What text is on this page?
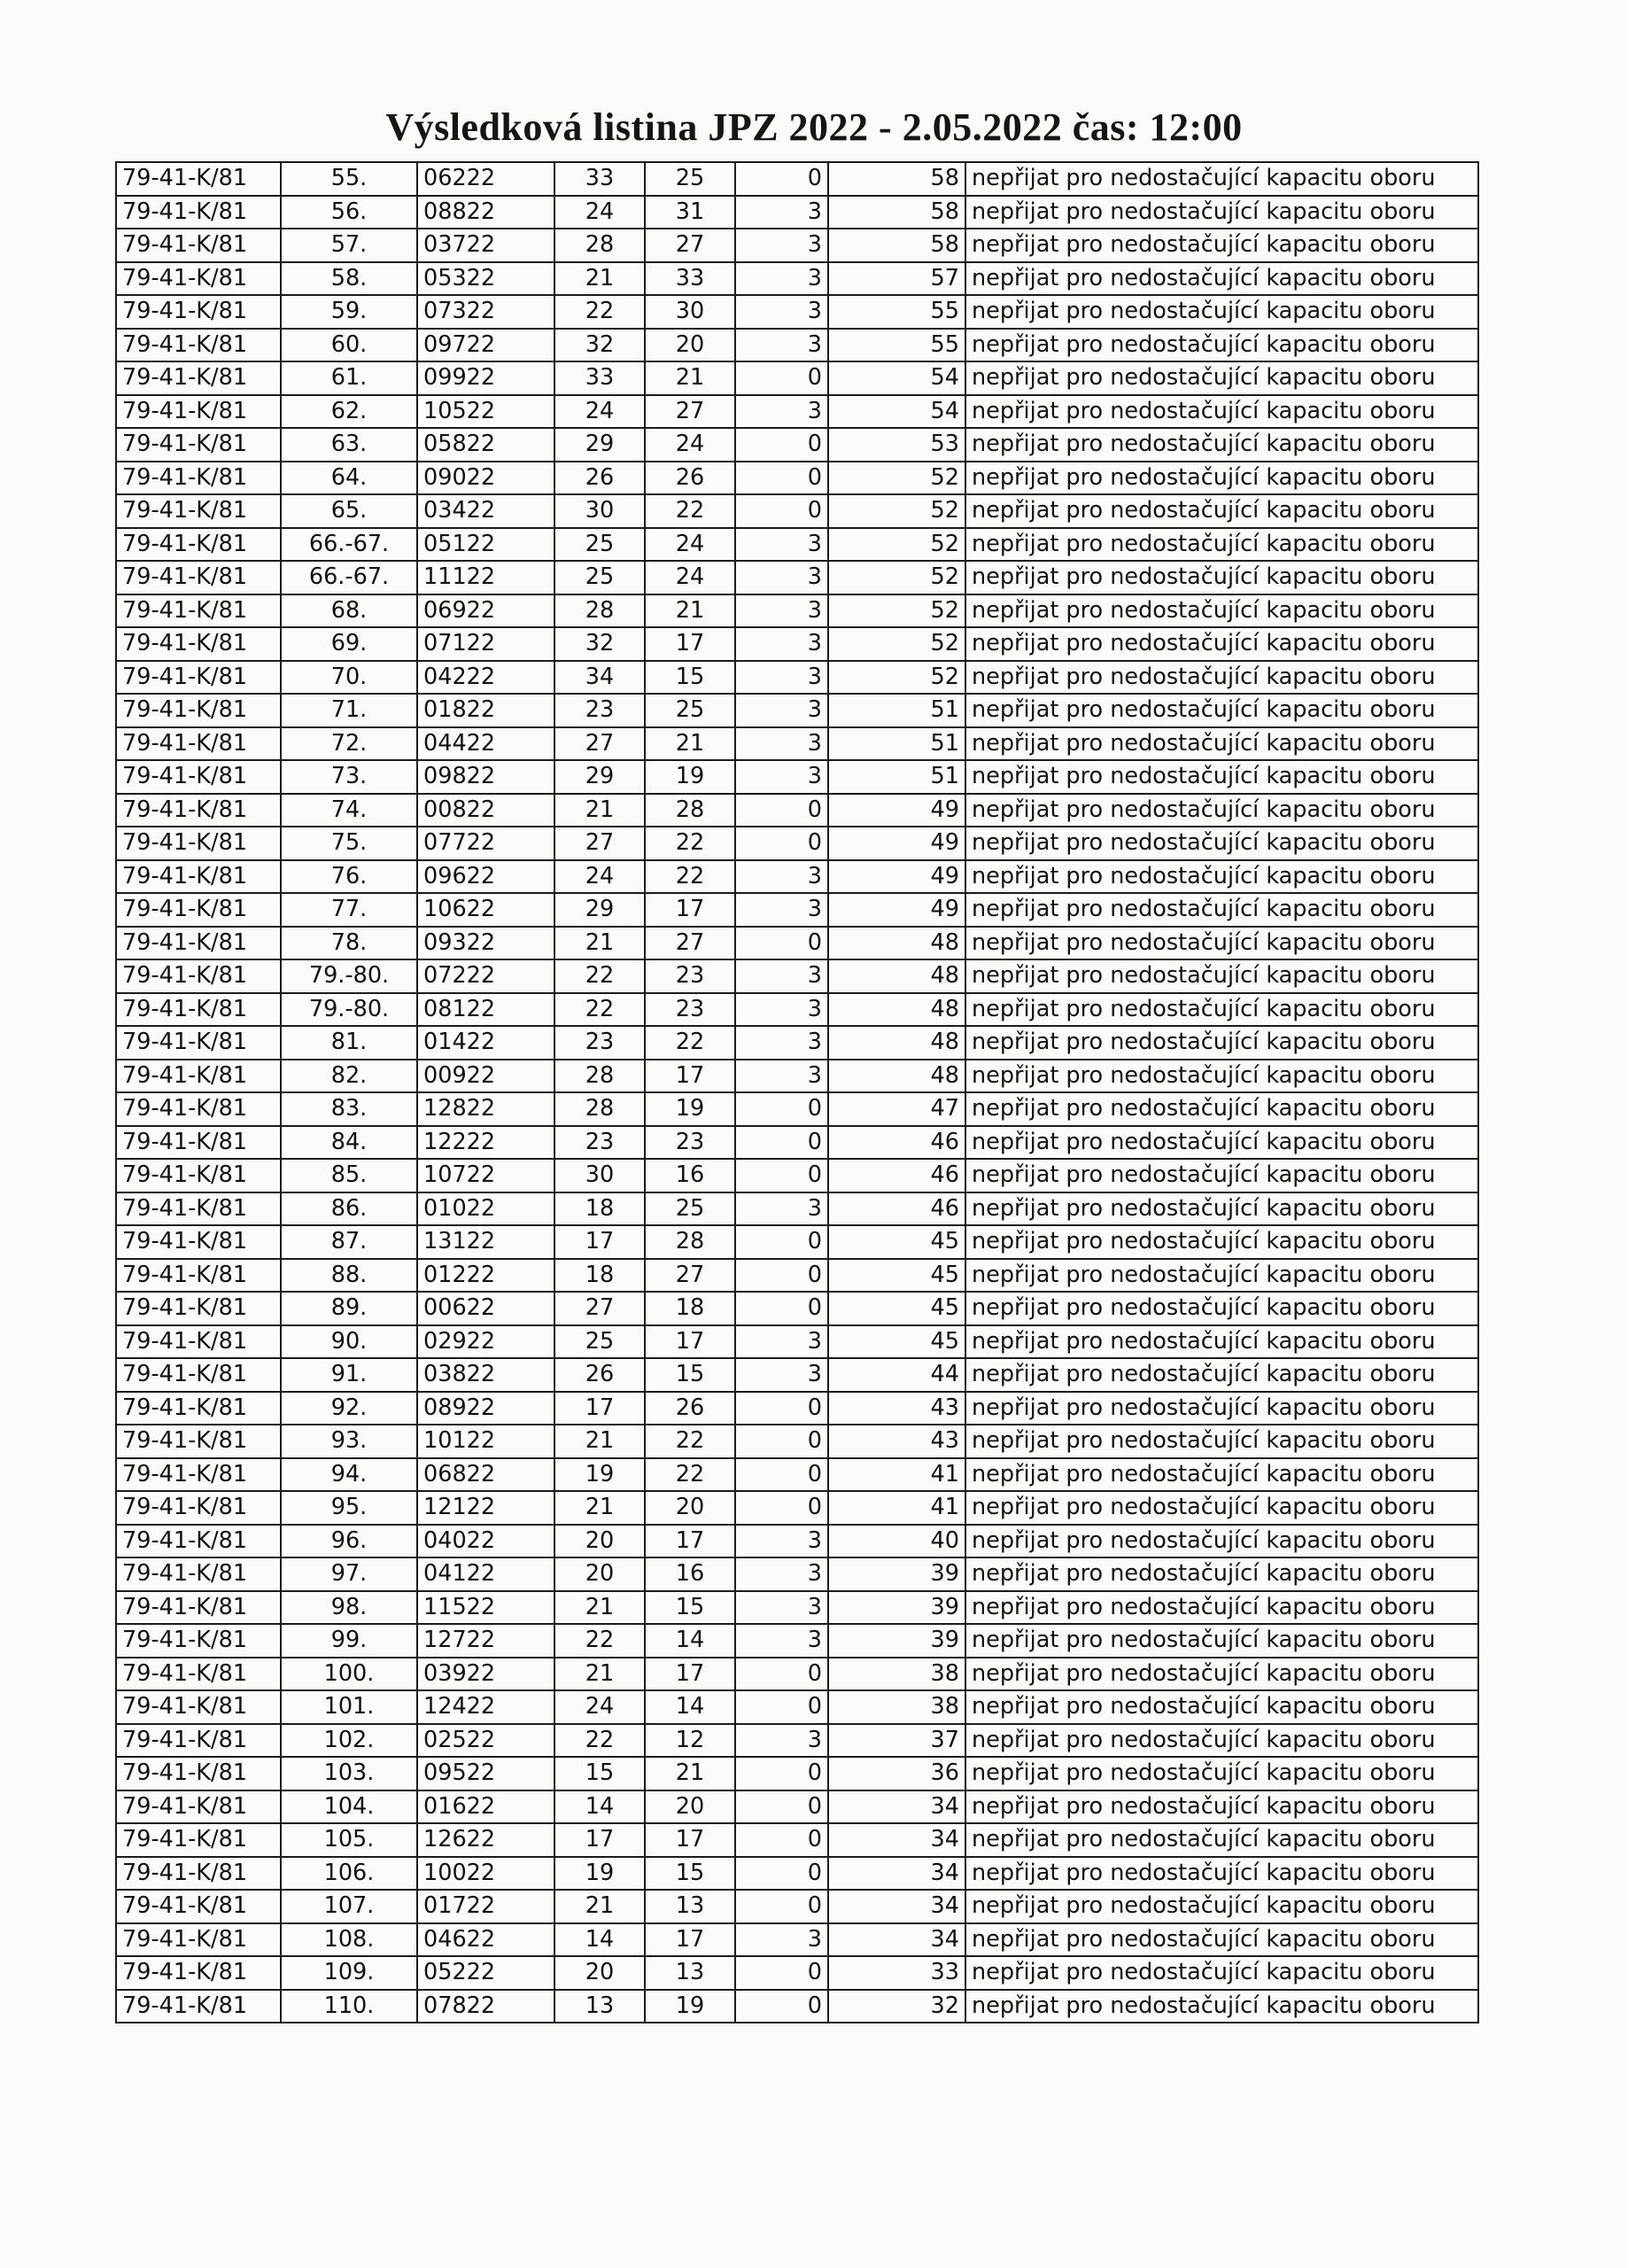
Výsledková listina JPZ 2022 - 2.05.2022 čas: 12:00
79-41-K/81	55.	06222	33	25	0	58	nepřijat pro nedostačující kapacitu oboru
79-41-K/81	56.	08822	24	31	3	58	nepřijat pro nedostačující kapacitu oboru
79-41-K/81	57.	03722	28	27	3	58	nepřijat pro nedostačující kapacitu oboru
79-41-K/81	58.	05322	21	33	3	57	nepřijat pro nedostačující kapacitu oboru
79-41-K/81	59.	07322	22	30	3	55	nepřijat pro nedostačující kapacitu oboru
79-41-K/81	60.	09722	32	20	3	55	nepřijat pro nedostačující kapacitu oboru
79-41-K/81	61.	09922	33	21	0	54	nepřijat pro nedostačující kapacitu oboru
79-41-K/81	62.	10522	24	27	3	54	nepřijat pro nedostačující kapacitu oboru
79-41-K/81	63.	05822	29	24	0	53	nepřijat pro nedostačující kapacitu oboru
79-41-K/81	64.	09022	26	26	0	52	nepřijat pro nedostačující kapacitu oboru
79-41-K/81	65.	03422	30	22	0	52	nepřijat pro nedostačující kapacitu oboru
79-41-K/81	66.-67.	05122	25	24	3	52	nepřijat pro nedostačující kapacitu oboru
79-41-K/81	66.-67.	11122	25	24	3	52	nepřijat pro nedostačující kapacitu oboru
79-41-K/81	68.	06922	28	21	3	52	nepřijat pro nedostačující kapacitu oboru
79-41-K/81	69.	07122	32	17	3	52	nepřijat pro nedostačující kapacitu oboru
79-41-K/81	70.	04222	34	15	3	52	nepřijat pro nedostačující kapacitu oboru
79-41-K/81	71.	01822	23	25	3	51	nepřijat pro nedostačující kapacitu oboru
79-41-K/81	72.	04422	27	21	3	51	nepřijat pro nedostačující kapacitu oboru
79-41-K/81	73.	09822	29	19	3	51	nepřijat pro nedostačující kapacitu oboru
79-41-K/81	74.	00822	21	28	0	49	nepřijat pro nedostačující kapacitu oboru
79-41-K/81	75.	07722	27	22	0	49	nepřijat pro nedostačující kapacitu oboru
79-41-K/81	76.	09622	24	22	3	49	nepřijat pro nedostačující kapacitu oboru
79-41-K/81	77.	10622	29	17	3	49	nepřijat pro nedostačující kapacitu oboru
79-41-K/81	78.	09322	21	27	0	48	nepřijat pro nedostačující kapacitu oboru
79-41-K/81	79.-80.	07222	22	23	3	48	nepřijat pro nedostačující kapacitu oboru
79-41-K/81	79.-80.	08122	22	23	3	48	nepřijat pro nedostačující kapacitu oboru
79-41-K/81	81.	01422	23	22	3	48	nepřijat pro nedostačující kapacitu oboru
79-41-K/81	82.	00922	28	17	3	48	nepřijat pro nedostačující kapacitu oboru
79-41-K/81	83.	12822	28	19	0	47	nepřijat pro nedostačující kapacitu oboru
79-41-K/81	84.	12222	23	23	0	46	nepřijat pro nedostačující kapacitu oboru
79-41-K/81	85.	10722	30	16	0	46	nepřijat pro nedostačující kapacitu oboru
79-41-K/81	86.	01022	18	25	3	46	nepřijat pro nedostačující kapacitu oboru
79-41-K/81	87.	13122	17	28	0	45	nepřijat pro nedostačující kapacitu oboru
79-41-K/81	88.	01222	18	27	0	45	nepřijat pro nedostačující kapacitu oboru
79-41-K/81	89.	00622	27	18	0	45	nepřijat pro nedostačující kapacitu oboru
79-41-K/81	90.	02922	25	17	3	45	nepřijat pro nedostačující kapacitu oboru
79-41-K/81	91.	03822	26	15	3	44	nepřijat pro nedostačující kapacitu oboru
79-41-K/81	92.	08922	17	26	0	43	nepřijat pro nedostačující kapacitu oboru
79-41-K/81	93.	10122	21	22	0	43	nepřijat pro nedostačující kapacitu oboru
79-41-K/81	94.	06822	19	22	0	41	nepřijat pro nedostačující kapacitu oboru
79-41-K/81	95.	12122	21	20	0	41	nepřijat pro nedostačující kapacitu oboru
79-41-K/81	96.	04022	20	17	3	40	nepřijat pro nedostačující kapacitu oboru
79-41-K/81	97.	04122	20	16	3	39	nepřijat pro nedostačující kapacitu oboru
79-41-K/81	98.	11522	21	15	3	39	nepřijat pro nedostačující kapacitu oboru
79-41-K/81	99.	12722	22	14	3	39	nepřijat pro nedostačující kapacitu oboru
79-41-K/81	100.	03922	21	17	0	38	nepřijat pro nedostačující kapacitu oboru
79-41-K/81	101.	12422	24	14	0	38	nepřijat pro nedostačující kapacitu oboru
79-41-K/81	102.	02522	22	12	3	37	nepřijat pro nedostačující kapacitu oboru
79-41-K/81	103.	09522	15	21	0	36	nepřijat pro nedostačující kapacitu oboru
79-41-K/81	104.	01622	14	20	0	34	nepřijat pro nedostačující kapacitu oboru
79-41-K/81	105.	12622	17	17	0	34	nepřijat pro nedostačující kapacitu oboru
79-41-K/81	106.	10022	19	15	0	34	nepřijat pro nedostačující kapacitu oboru
79-41-K/81	107.	01722	21	13	0	34	nepřijat pro nedostačující kapacitu oboru
79-41-K/81	108.	04622	14	17	3	34	nepřijat pro nedostačující kapacitu oboru
79-41-K/81	109.	05222	20	13	0	33	nepřijat pro nedostačující kapacitu oboru
79-41-K/81	110.	07822	13	19	0	32	nepřijat pro nedostačující kapacitu oboru
